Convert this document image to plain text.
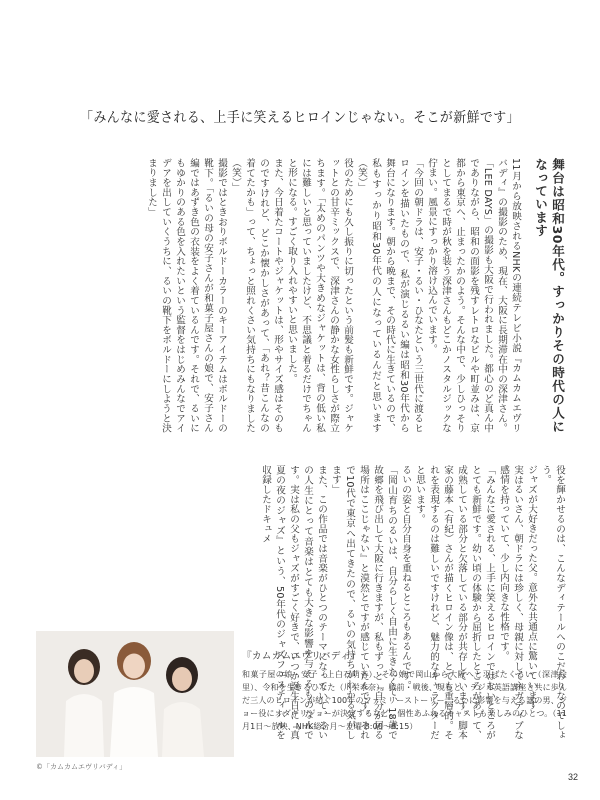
「みんなに愛される、上手に笑えるヒロインじゃない。そこが新鮮です」

舞台は昭和30年代。すっかりその時代の人になっています

11月から放映されるNHKの連続テレビ小説『カムカムエヴリバディ』の撮影のため、現在、大阪に長期滞在中の深津さん。「LEE DAYS」の撮影も大阪で行われました。都心のど真ん中でありながら、昭和の面影を残すレトロなビルや町並みは、京都から東京へ、止まったかのよう。そんな中で、少しひっそりとしてまるで時が秋を装う深津さんもどこかノスタルジックな佇まい。風景にすっかり溶け込んでいます。

「今回の朝ドラは、安子・るい・ひなたという三世代に渡るヒロインを描いたもので、私が演じるるい編は昭和30年代から舞台になります。朝から晩まで、その時代に生きているので、私もすっかり昭和30年代の人になっているんだと思います（笑）」

役のためにも久し振りに切ったという前髪も新鮮です。ジャケットとの甘辛ミックスで、深津さんの静かな女性らしさが際立ちます。「太めのパンツや大きめなジャケットは、背の低い私には難しいと思っていましたけど、不思議と着るだけでちゃんと形になる。すごく取り入れやすいと思いました。

また、今日着たコートやジャケットは、形やサイズ感はそのものですけれど、どこか懐かしさがあって、「あれ？昔こんなの着てたかも」って、ちょっと照れくさい気持ちにもなりました（笑）」

撮影ではときおりボルドーカラーのキーアイテムはボルドーの靴下。「るいの母の安子さんが和菓子屋さんの娘で、安子さん編ではあずき色の衣装をよく着ているんです。それで、るいにもゆかりのある色を入れたいという監督をはじめみんなでアイデアを出していくうちに、るいの靴下をボルドーにしようと決まりました」

役を輝かせるのは、こんなディテールへのこだわりなのでしょう。

ジャズが大好きだった父。意外な共通点に驚いています

実はるいさん、朝ドラには珍しく、母親に対してネガティブな感情を持っていて、少し内向きな性格です。

「みんなに愛される、上手に笑えるヒロインではないところがとても新鮮です。幼い頃の体験から屈折したところがあって、成熟している部分と欠落している部分が共存しています。脚本家の藤本（有紀）さんが描くヒロイン像は、とても重層的。それを表現するのは難しいですけれど、魅力的なキャラクターだと思います。

るいの姿と自分自身を重ねるところもあるんです。

「岡山育ちのるいは、自分らしく自由に生きたくて、18歳で故郷を飛び出して大阪に行きますが、私もずっと『自分が居る場所はここじゃない』と漠然とですが感じていたんです。それで10代で東京へ出てきたので、るいの気持ちがわかる気がします」

また、この作品では音楽がひとつのテーマになっていて、るいの人生にとって音楽はとても大きな影響を与えるものなんです。実は私の父もジャズがすごく好きで、いつか誕生日に『真夏の夜のジャズ』という、50年代のジャズフェスティバルを収録したドキュメ

©「カムカムエヴリバディ」

『カムカムエヴリバディ』

和菓子屋の娘・安子（上白石萌音）、その娘で岡山から大阪へと羽ばたくるい（深津絵里）、令和を生きるひなた（川栄李奈）。戦前・戦後、現在と、ラジオ英語講座と共に歩んだ三人のヒロインが紡ぐ100年のファミリーストーリー。るいに影響を与える謎の男、ジョー役にオダギリジョーが決定するなど、個性あふれるキャストも楽しみのひとつ。（11月1日～放映、NHK総合月～土曜 8:00～8:15）

32
